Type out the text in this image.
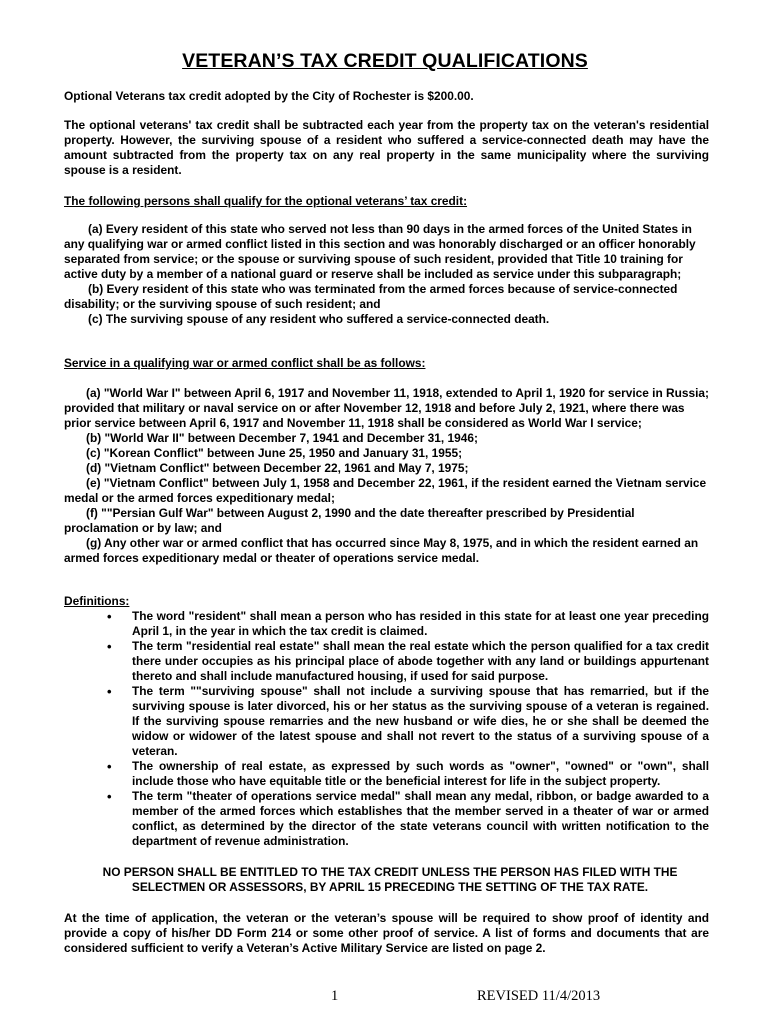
VETERAN’S TAX CREDIT QUALIFICATIONS

Optional Veterans tax credit adopted by the City of Rochester is $200.00.

The optional veterans' tax credit shall be subtracted each year from the property tax on the veteran's residential property. However, the surviving spouse of a resident who suffered a service-connected death may have the amount subtracted from the property tax on any real property in the same municipality where the surviving spouse is a resident.

The following persons shall qualify for the optional veterans’ tax credit:

(a) Every resident of this state who served not less than 90 days in the armed forces of the United States in any qualifying war or armed conflict listed in this section and was honorably discharged or an officer honorably separated from service; or the spouse or surviving spouse of such resident, provided that Title 10 training for active duty by a member of a national guard or reserve shall be included as service under this subparagraph;

(b) Every resident of this state who was terminated from the armed forces because of service-connected disability; or the surviving spouse of such resident; and

(c) The surviving spouse of any resident who suffered a service-connected death.

Service in a qualifying war or armed conflict shall be as follows:

(a) "World War I" between April 6, 1917 and November 11, 1918, extended to April 1, 1920 for service in Russia; provided that military or naval service on or after November 12, 1918 and before July 2, 1921, where there was prior service between April 6, 1917 and November 11, 1918 shall be considered as World War I service;

(b) "World War II" between December 7, 1941 and December 31, 1946;

(c) "Korean Conflict" between June 25, 1950 and January 31, 1955;

(d) "Vietnam Conflict" between December 22, 1961 and May 7, 1975;

(e) "Vietnam Conflict" between July 1, 1958 and December 22, 1961, if the resident earned the Vietnam service medal or the armed forces expeditionary medal;

(f) ""Persian Gulf War" between August 2, 1990 and the date thereafter prescribed by Presidential proclamation or by law; and

(g) Any other war or armed conflict that has occurred since May 8, 1975, and in which the resident earned an armed forces expeditionary medal or theater of operations service medal.

Definitions:

• The word "resident" shall mean a person who has resided in this state for at least one year preceding April 1, in the year in which the tax credit is claimed.
• The term "residential real estate" shall mean the real estate which the person qualified for a tax credit there under occupies as his principal place of abode together with any land or buildings appurtenant thereto and shall include manufactured housing, if used for said purpose.
• The term ""surviving spouse" shall not include a surviving spouse that has remarried, but if the surviving spouse is later divorced, his or her status as the surviving spouse of a veteran is regained. If the surviving spouse remarries and the new husband or wife dies, he or she shall be deemed the widow or widower of the latest spouse and shall not revert to the status of a surviving spouse of a veteran.
• The ownership of real estate, as expressed by such words as "owner", "owned" or "own", shall include those who have equitable title or the beneficial interest for life in the subject property.
• The term "theater of operations service medal" shall mean any medal, ribbon, or badge awarded to a member of the armed forces which establishes that the member served in a theater of war or armed conflict, as determined by the director of the state veterans council with written notification to the department of revenue administration.

NO PERSON SHALL BE ENTITLED TO THE TAX CREDIT UNLESS THE PERSON HAS FILED WITH THE SELECTMEN OR ASSESSORS, BY APRIL 15 PRECEDING THE SETTING OF THE TAX RATE.

At the time of application, the veteran or the veteran’s spouse will be required to show proof of identity and provide a copy of his/her DD Form 214 or some other proof of service. A list of forms and documents that are considered sufficient to verify a Veteran’s Active Military Service are listed on page 2.

1	REVISED 11/4/2013
